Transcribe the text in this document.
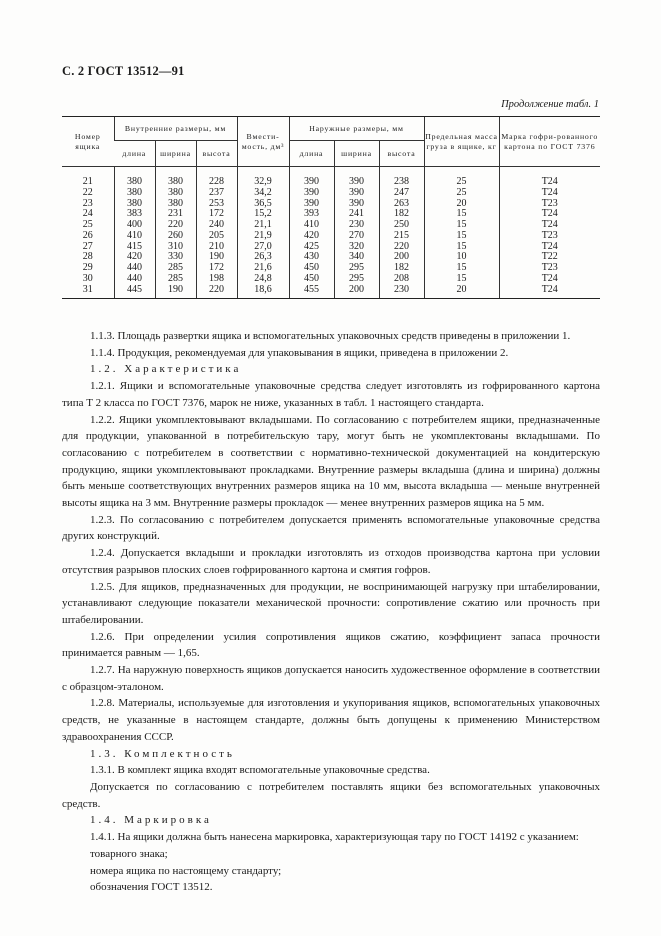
С. 2 ГОСТ 13512—91
Продолжение табл. 1
Номер ящика	Внутренние размеры, мм			Вмести-мость, дм³	Наружные размеры, мм			Предельная масса груза в ящике, кг	Марка гофри-рованного картона по ГОСТ 7376
	длина	ширина	высота		длина	ширина	высота		
21	380	380	228	32,9	390	390	238	25	Т24
22	380	380	237	34,2	390	390	247	25	Т24
23	380	380	253	36,5	390	390	263	20	Т23
24	383	231	172	15,2	393	241	182	15	Т24
25	400	220	240	21,1	410	230	250	15	Т24
26	410	260	205	21,9	420	270	215	15	Т23
27	415	310	210	27,0	425	320	220	15	Т24
28	420	330	190	26,3	430	340	200	10	Т22
29	440	285	172	21,6	450	295	182	15	Т23
30	440	285	198	24,8	450	295	208	15	Т24
31	445	190	220	18,6	455	200	230	20	Т24

1.1.3. Площадь развертки ящика и вспомогательных упаковочных средств приведены в приложении 1.

1.1.4. Продукция, рекомендуемая для упаковывания в ящики, приведена в приложении 2.

1.2. Характеристика

1.2.1. Ящики и вспомогательные упаковочные средства следует изготовлять из гофрированного картона типа Т 2 класса по ГОСТ 7376, марок не ниже, указанных в табл. 1 настоящего стандарта.

1.2.2. Ящики укомплектовывают вкладышами. По согласованию с потребителем ящики, предназначенные для продукции, упакованной в потребительскую тару, могут быть не укомплектованы вкладышами. По согласованию с потребителем в соответствии с нормативно-технической документацией на кондитерскую продукцию, ящики укомплектовывают прокладками. Внутренние размеры вкладыша (длина и ширина) должны быть меньше соответствующих внутренних размеров ящика на 10 мм, высота вкладыша — меньше внутренней высоты ящика на 3 мм. Внутренние размеры прокладок — менее внутренних размеров ящика на 5 мм.

1.2.3. По согласованию с потребителем допускается применять вспомогательные упаковочные средства других конструкций.

1.2.4. Допускается вкладыши и прокладки изготовлять из отходов производства картона при условии отсутствия разрывов плоских слоев гофрированного картона и смятия гофров.

1.2.5. Для ящиков, предназначенных для продукции, не воспринимающей нагрузку при штабелировании, устанавливают следующие показатели механической прочности: сопротивление сжатию или прочность при штабелировании.

1.2.6. При определении усилия сопротивления ящиков сжатию, коэффициент запаса прочности принимается равным — 1,65.

1.2.7. На наружную поверхность ящиков допускается наносить художественное оформление в соответствии с образцом-эталоном.

1.2.8. Материалы, используемые для изготовления и укупоривания ящиков, вспомогательных упаковочных средств, не указанные в настоящем стандарте, должны быть допущены к применению Министерством здравоохранения СССР.

1.3. Комплектность

1.3.1. В комплект ящика входят вспомогательные упаковочные средства.

Допускается по согласованию с потребителем поставлять ящики без вспомогательных упаковочных средств.

1.4. Маркировка

1.4.1. На ящики должна быть нанесена маркировка, характеризующая тару по ГОСТ 14192 с указанием:

товарного знака;

номера ящика по настоящему стандарту;

обозначения ГОСТ 13512.
